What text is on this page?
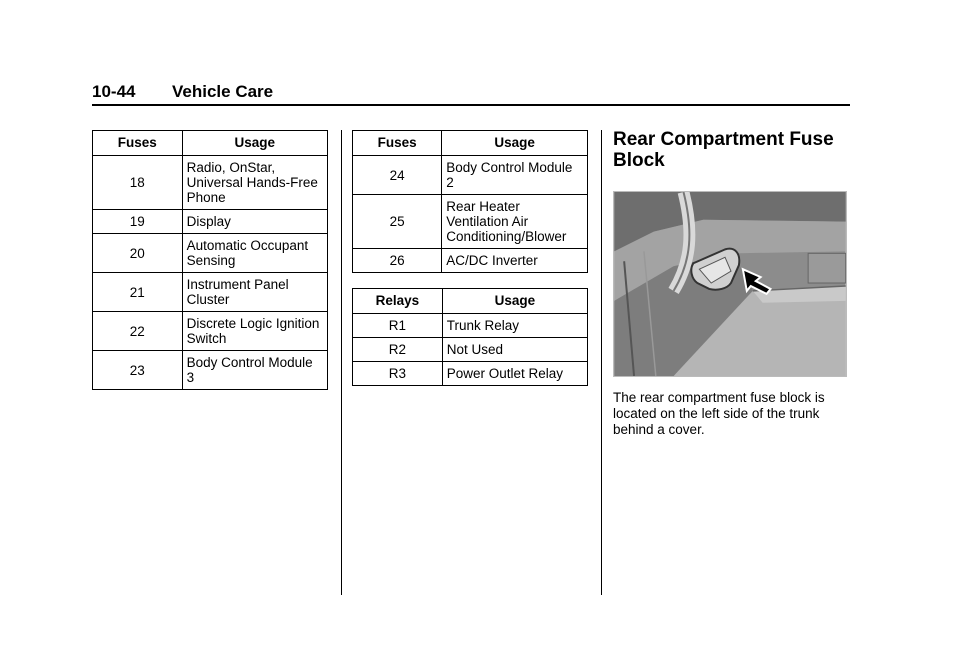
10-44 Vehicle Care
Fuses	Usage
18	Radio, OnStar, Universal Hands-Free Phone
19	Display
20	Automatic Occupant Sensing
21	Instrument Panel Cluster
22	Discrete Logic Ignition Switch
23	Body Control Module 3
Fuses	Usage
24	Body Control Module 2
25	Rear Heater Ventilation Air Conditioning/Blower
26	AC/DC Inverter
Relays	Usage
R1	Trunk Relay
R2	Not Used
R3	Power Outlet Relay
Rear Compartment Fuse Block
The rear compartment fuse block is located on the left side of the trunk behind a cover.
